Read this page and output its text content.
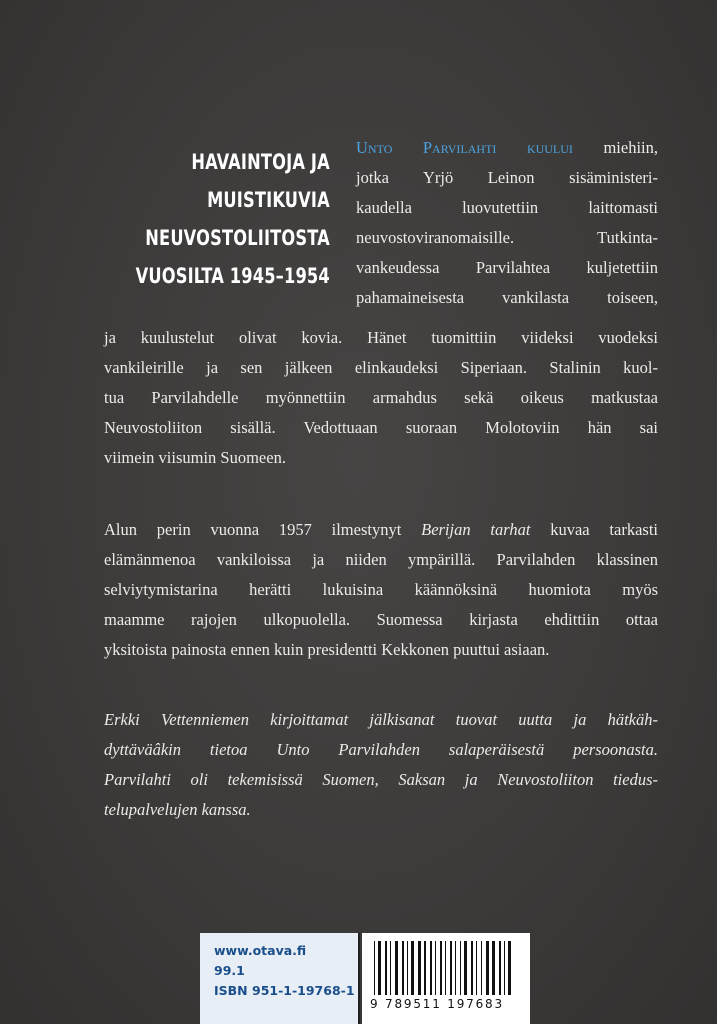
HAVAINTOJA JA
MUISTIKUVIA
NEUVOSTOLIITOSTA
VUOSILTA 1945–1954
Unto Parvilahti kuului miehiin,
jotka Yrjö Leinon sisäministeri-
kaudella luovutettiin laittomasti
neuvostoviranomaisille. Tutkinta-
vankeudessa Parvilahtea kuljetettiin
pahamaineisesta vankilasta toiseen,
ja kuulustelut olivat kovia. Hänet tuomittiin viideksi vuodeksi
vankileirille ja sen jälkeen elinkaudeksi Siperiaan. Stalinin kuol-
tua Parvilahdelle myönnettiin armahdus sekä oikeus matkustaa
Neuvostoliiton sisällä. Vedottuaan suoraan Molotoviin hän sai
viimein viisumin Suomeen.
Alun perin vuonna 1957 ilmestynyt Berijan tarhat kuvaa tarkasti
elämänmenoa vankiloissa ja niiden ympärillä. Parvilahden klassinen
selviytymistarina herätti lukuisina käännöksinä huomiota myös
maamme rajojen ulkopuolella. Suomessa kirjasta ehdittiin ottaa
yksitoista painosta ennen kuin presidentti Kekkonen puuttui asiaan.
Erkki Vettenniemen kirjoittamat jälkisanat tuovat uutta ja hätkäh-
dyttäväâkin tietoa Unto Parvilahden salaperäisestä persoonasta.
Parvilahti oli tekemisissä Suomen, Saksan ja Neuvostoliiton tiedus-
telupalvelujen kanssa.
www.otava.fi
99.1
ISBN 951-1-19768-1
9 789511 197683
